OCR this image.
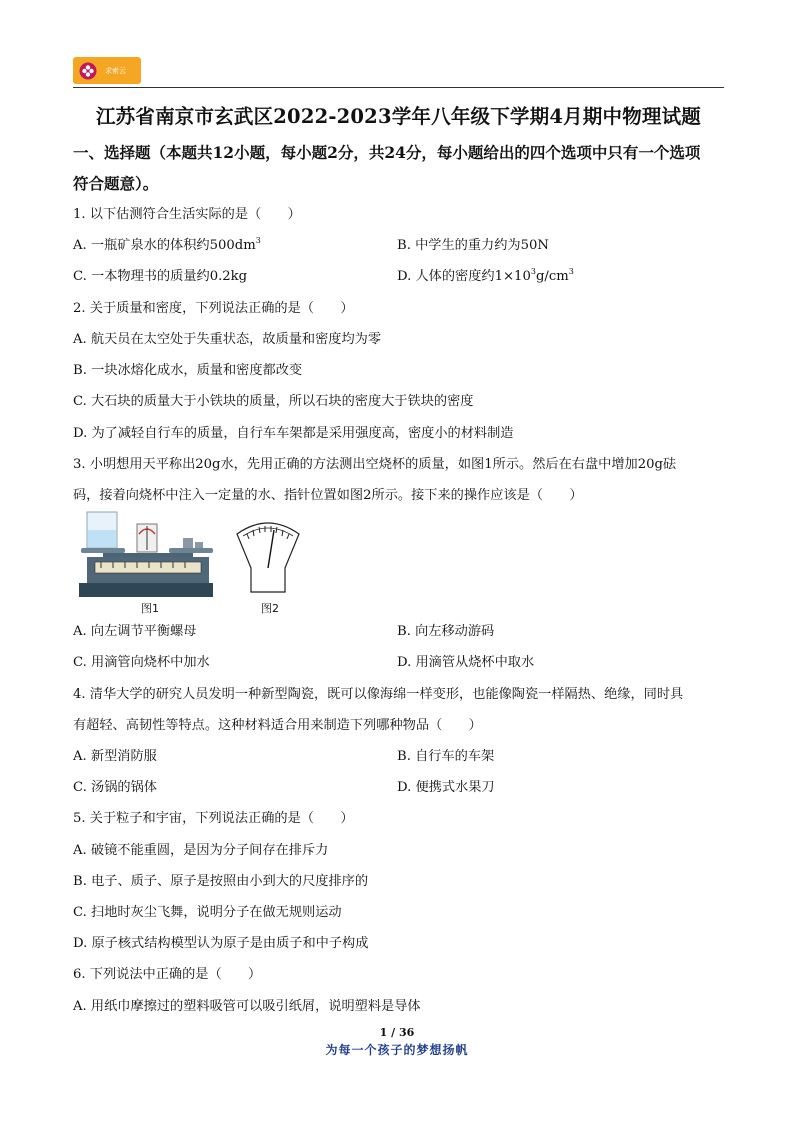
求索云
江苏省南京市玄武区2022-2023学年八年级下学期4月期中物理试题
一、选择题（本题共12小题，每小题2分，共24分，每小题给出的四个选项中只有一个选项
符合题意）。
1. 以下估测符合生活实际的是（　　）
A. 一瓶矿泉水的体积约$500dm^3$	B. 中学生的重力约为50N
C. 一本物理书的质量约0.2kg	D. 人体的密度约$1\times 10^3g/cm^3$
2. 关于质量和密度，下列说法正确的是（　　）
A. 航天员在太空处于失重状态，故质量和密度均为零
B. 一块冰熔化成水，质量和密度都改变
C. 大石块的质量大于小铁块的质量，所以石块的密度大于铁块的密度
D. 为了减轻自行车的质量，自行车车架都是采用强度高，密度小的材料制造
3. 小明想用天平称出20g水，先用正确的方法测出空烧杯的质量，如图1所示。然后在右盘中增加20g砝
码，接着向烧杯中注入一定量的水、指针位置如图2所示。接下来的操作应该是（　　）
图1	图2
A. 向左调节平衡螺母	B. 向左移动游码
C. 用滴管向烧杯中加水	D. 用滴管从烧杯中取水
4. 清华大学的研究人员发明一种新型陶瓷，既可以像海绵一样变形，也能像陶瓷一样隔热、绝缘，同时具
有超轻、高韧性等特点。这种材料适合用来制造下列哪种物品（　　）
A. 新型消防服	B. 自行车的车架
C. 汤锅的锅体	D. 便携式水果刀
5. 关于粒子和宇宙，下列说法正确的是（　　）
A. 破镜不能重圆，是因为分子间存在排斥力
B. 电子、质子、原子是按照由小到大的尺度排序的
C. 扫地时灰尘飞舞，说明分子在做无规则运动
D. 原子核式结构模型认为原子是由质子和中子构成
6. 下列说法中正确的是（　　）
A. 用纸巾摩擦过的塑料吸管可以吸引纸屑，说明塑料是导体
1 / 36
为每一个孩子的梦想扬帆
